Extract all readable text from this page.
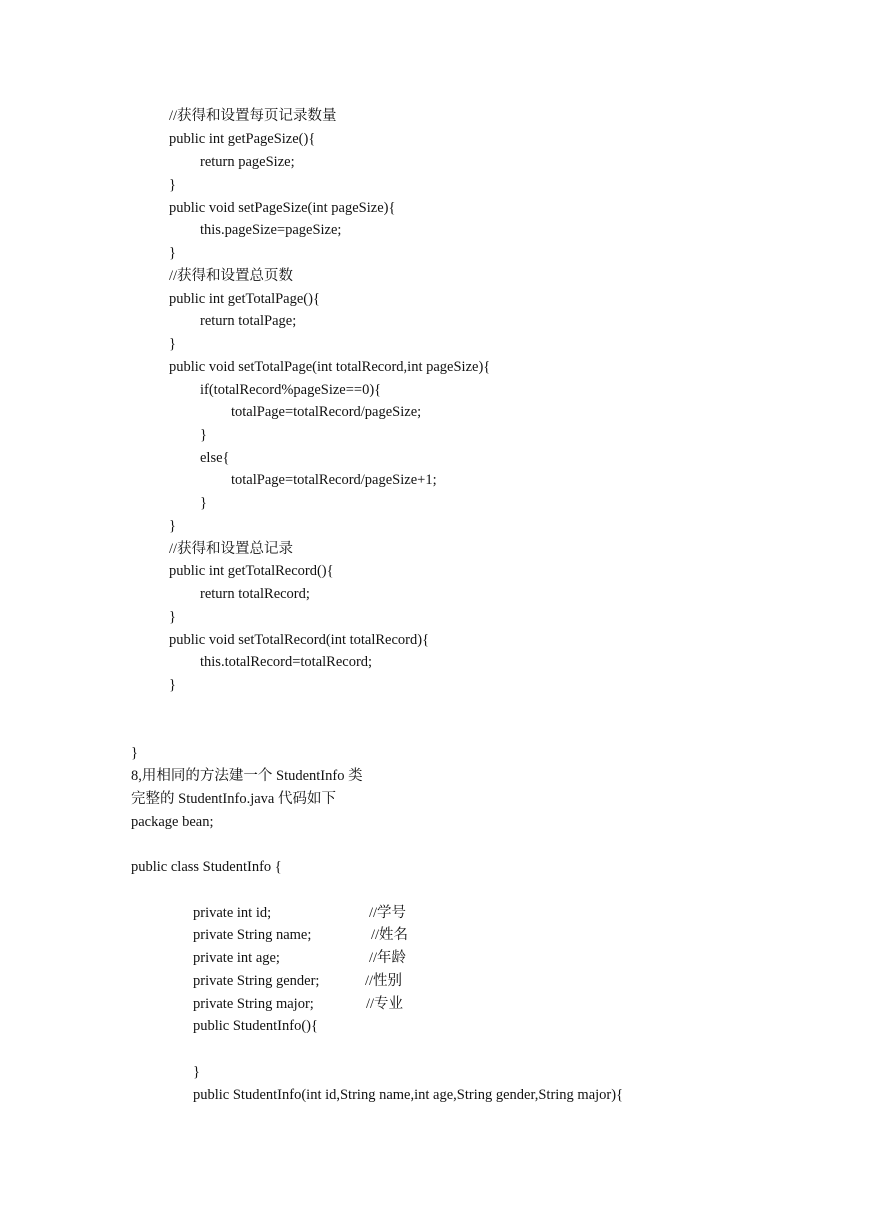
//获得和设置每页记录数量
public int getPageSize(){
return pageSize;
}
public void setPageSize(int pageSize){
this.pageSize=pageSize;
}
//获得和设置总页数
public int getTotalPage(){
return totalPage;
}
public void setTotalPage(int totalRecord,int pageSize){
if(totalRecord%pageSize==0){
totalPage=totalRecord/pageSize;
}
else{
totalPage=totalRecord/pageSize+1;
}
}
//获得和设置总记录
public int getTotalRecord(){
return totalRecord;
}
public void setTotalRecord(int totalRecord){
this.totalRecord=totalRecord;
}
}
8,用相同的方法建一个 StudentInfo 类
完整的 StudentInfo.java 代码如下
package bean;
public class StudentInfo {
private int id;	//学号
private String name;	//姓名
private int age;	//年龄
private String gender;	//性别
private String major;	//专业
public StudentInfo(){
}
public StudentInfo(int id,String name,int age,String gender,String major){
